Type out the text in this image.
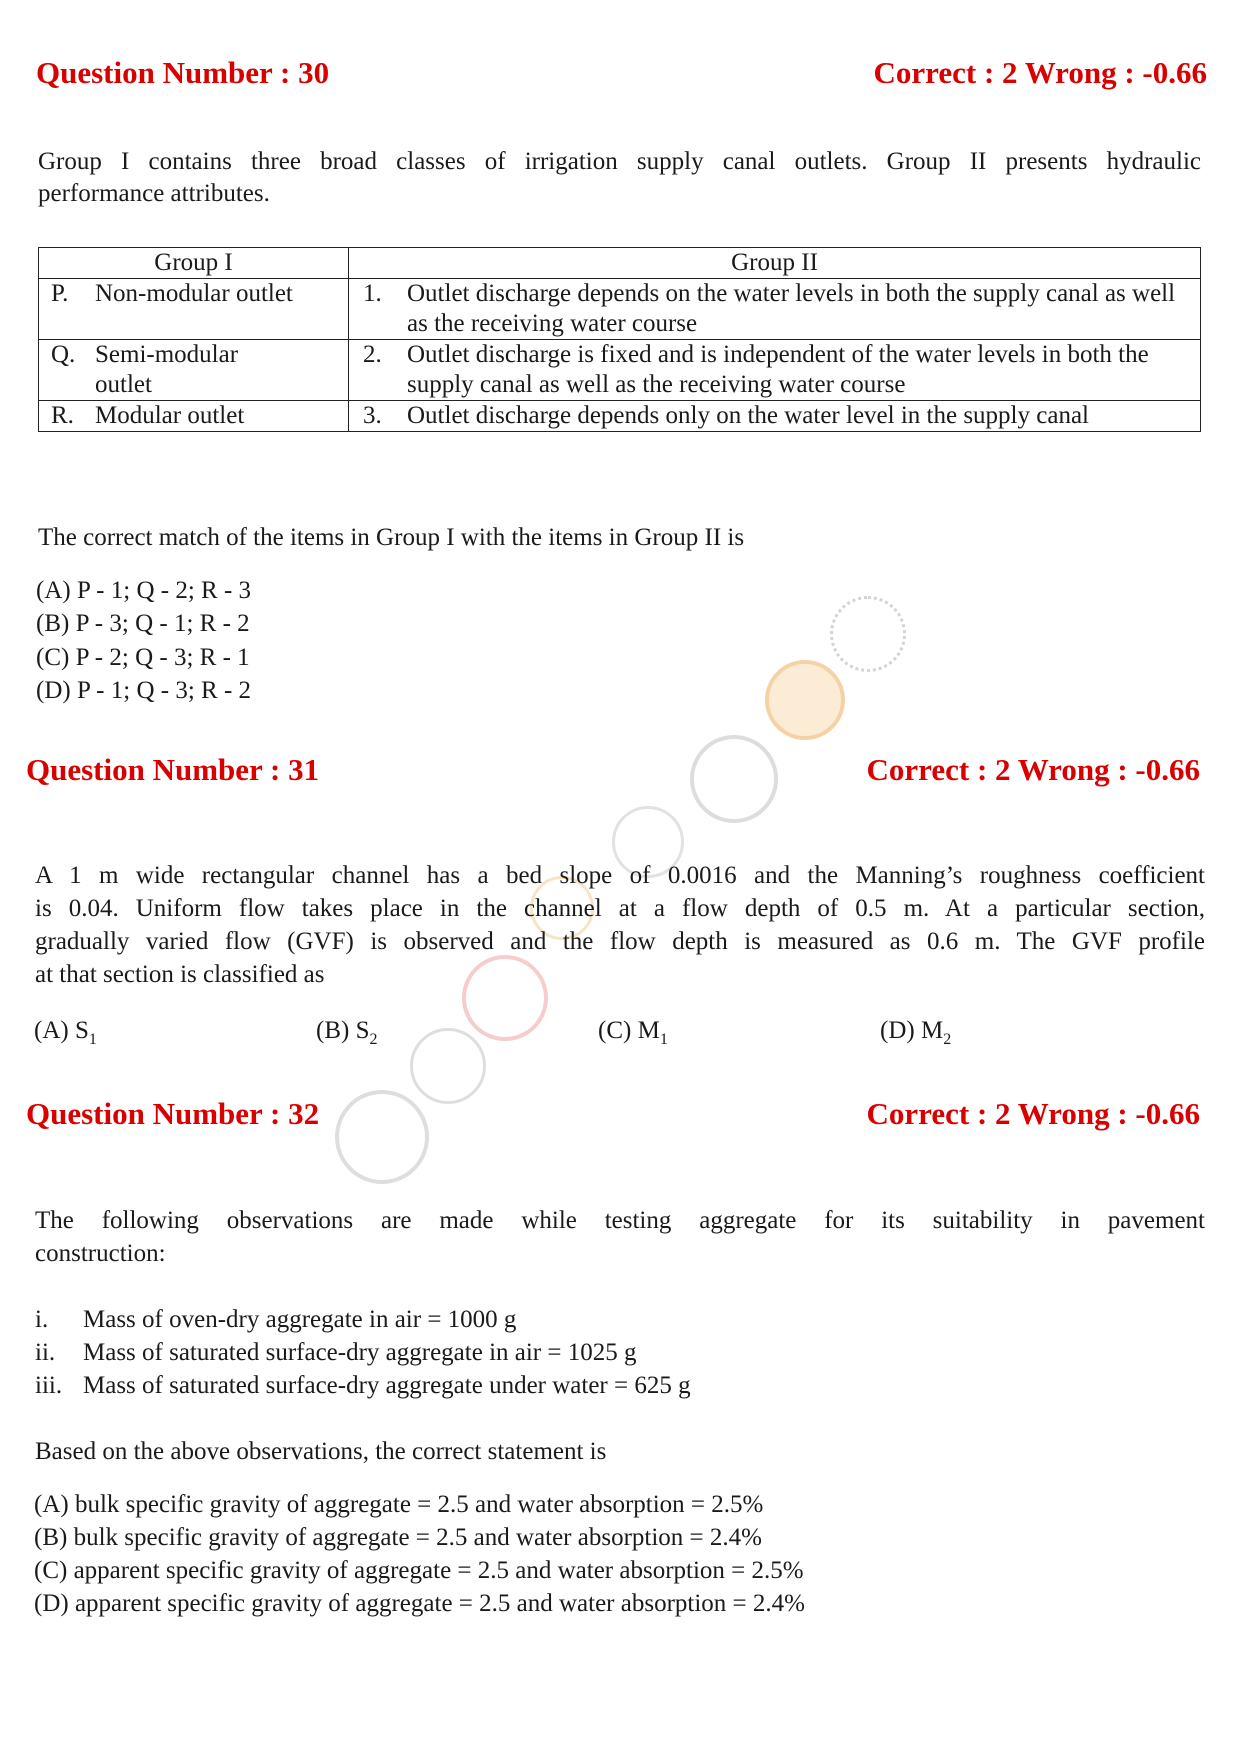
Question Number : 30	Correct : 2 Wrong : -0.66
Group I contains three broad classes of irrigation supply canal outlets. Group II presents hydraulic
performance attributes.
Group I	Group II

P. Non-modular outlet	1. Outlet discharge depends on the water levels in both the supply canal as well as the receiving water course

Q. Semi-modular outlet	2. Outlet discharge is fixed and is independent of the water levels in both the supply canal as well as the receiving water course

R. Modular outlet	3. Outlet discharge depends only on the water level in the supply canal
The correct match of the items in Group I with the items in Group II is
(A) P - 1; Q - 2; R - 3
(B) P - 3; Q - 1; R - 2
(C) P - 2; Q - 3; R - 1
(D) P - 1; Q - 3; R - 2
Question Number : 31	Correct : 2 Wrong : -0.66
A 1 m wide rectangular channel has a bed slope of 0.0016 and the Manning’s roughness coefficient
is 0.04. Uniform flow takes place in the channel at a flow depth of 0.5 m. At a particular section,
gradually varied flow (GVF) is observed and the flow depth is measured as 0.6 m. The GVF profile
at that section is classified as
(A) $S_1$	(B) $S_2$	(C) $M_1$	(D) $M_2$
Question Number : 32	Correct : 2 Wrong : -0.66
The following observations are made while testing aggregate for its suitability in pavement
construction:
i. Mass of oven-dry aggregate in air = 1000 g
ii. Mass of saturated surface-dry aggregate in air = 1025 g
iii. Mass of saturated surface-dry aggregate under water = 625 g
Based on the above observations, the correct statement is
(A) bulk specific gravity of aggregate = 2.5 and water absorption = 2.5%
(B) bulk specific gravity of aggregate = 2.5 and water absorption = 2.4%
(C) apparent specific gravity of aggregate = 2.5 and water absorption = 2.5%
(D) apparent specific gravity of aggregate = 2.5 and water absorption = 2.4%
